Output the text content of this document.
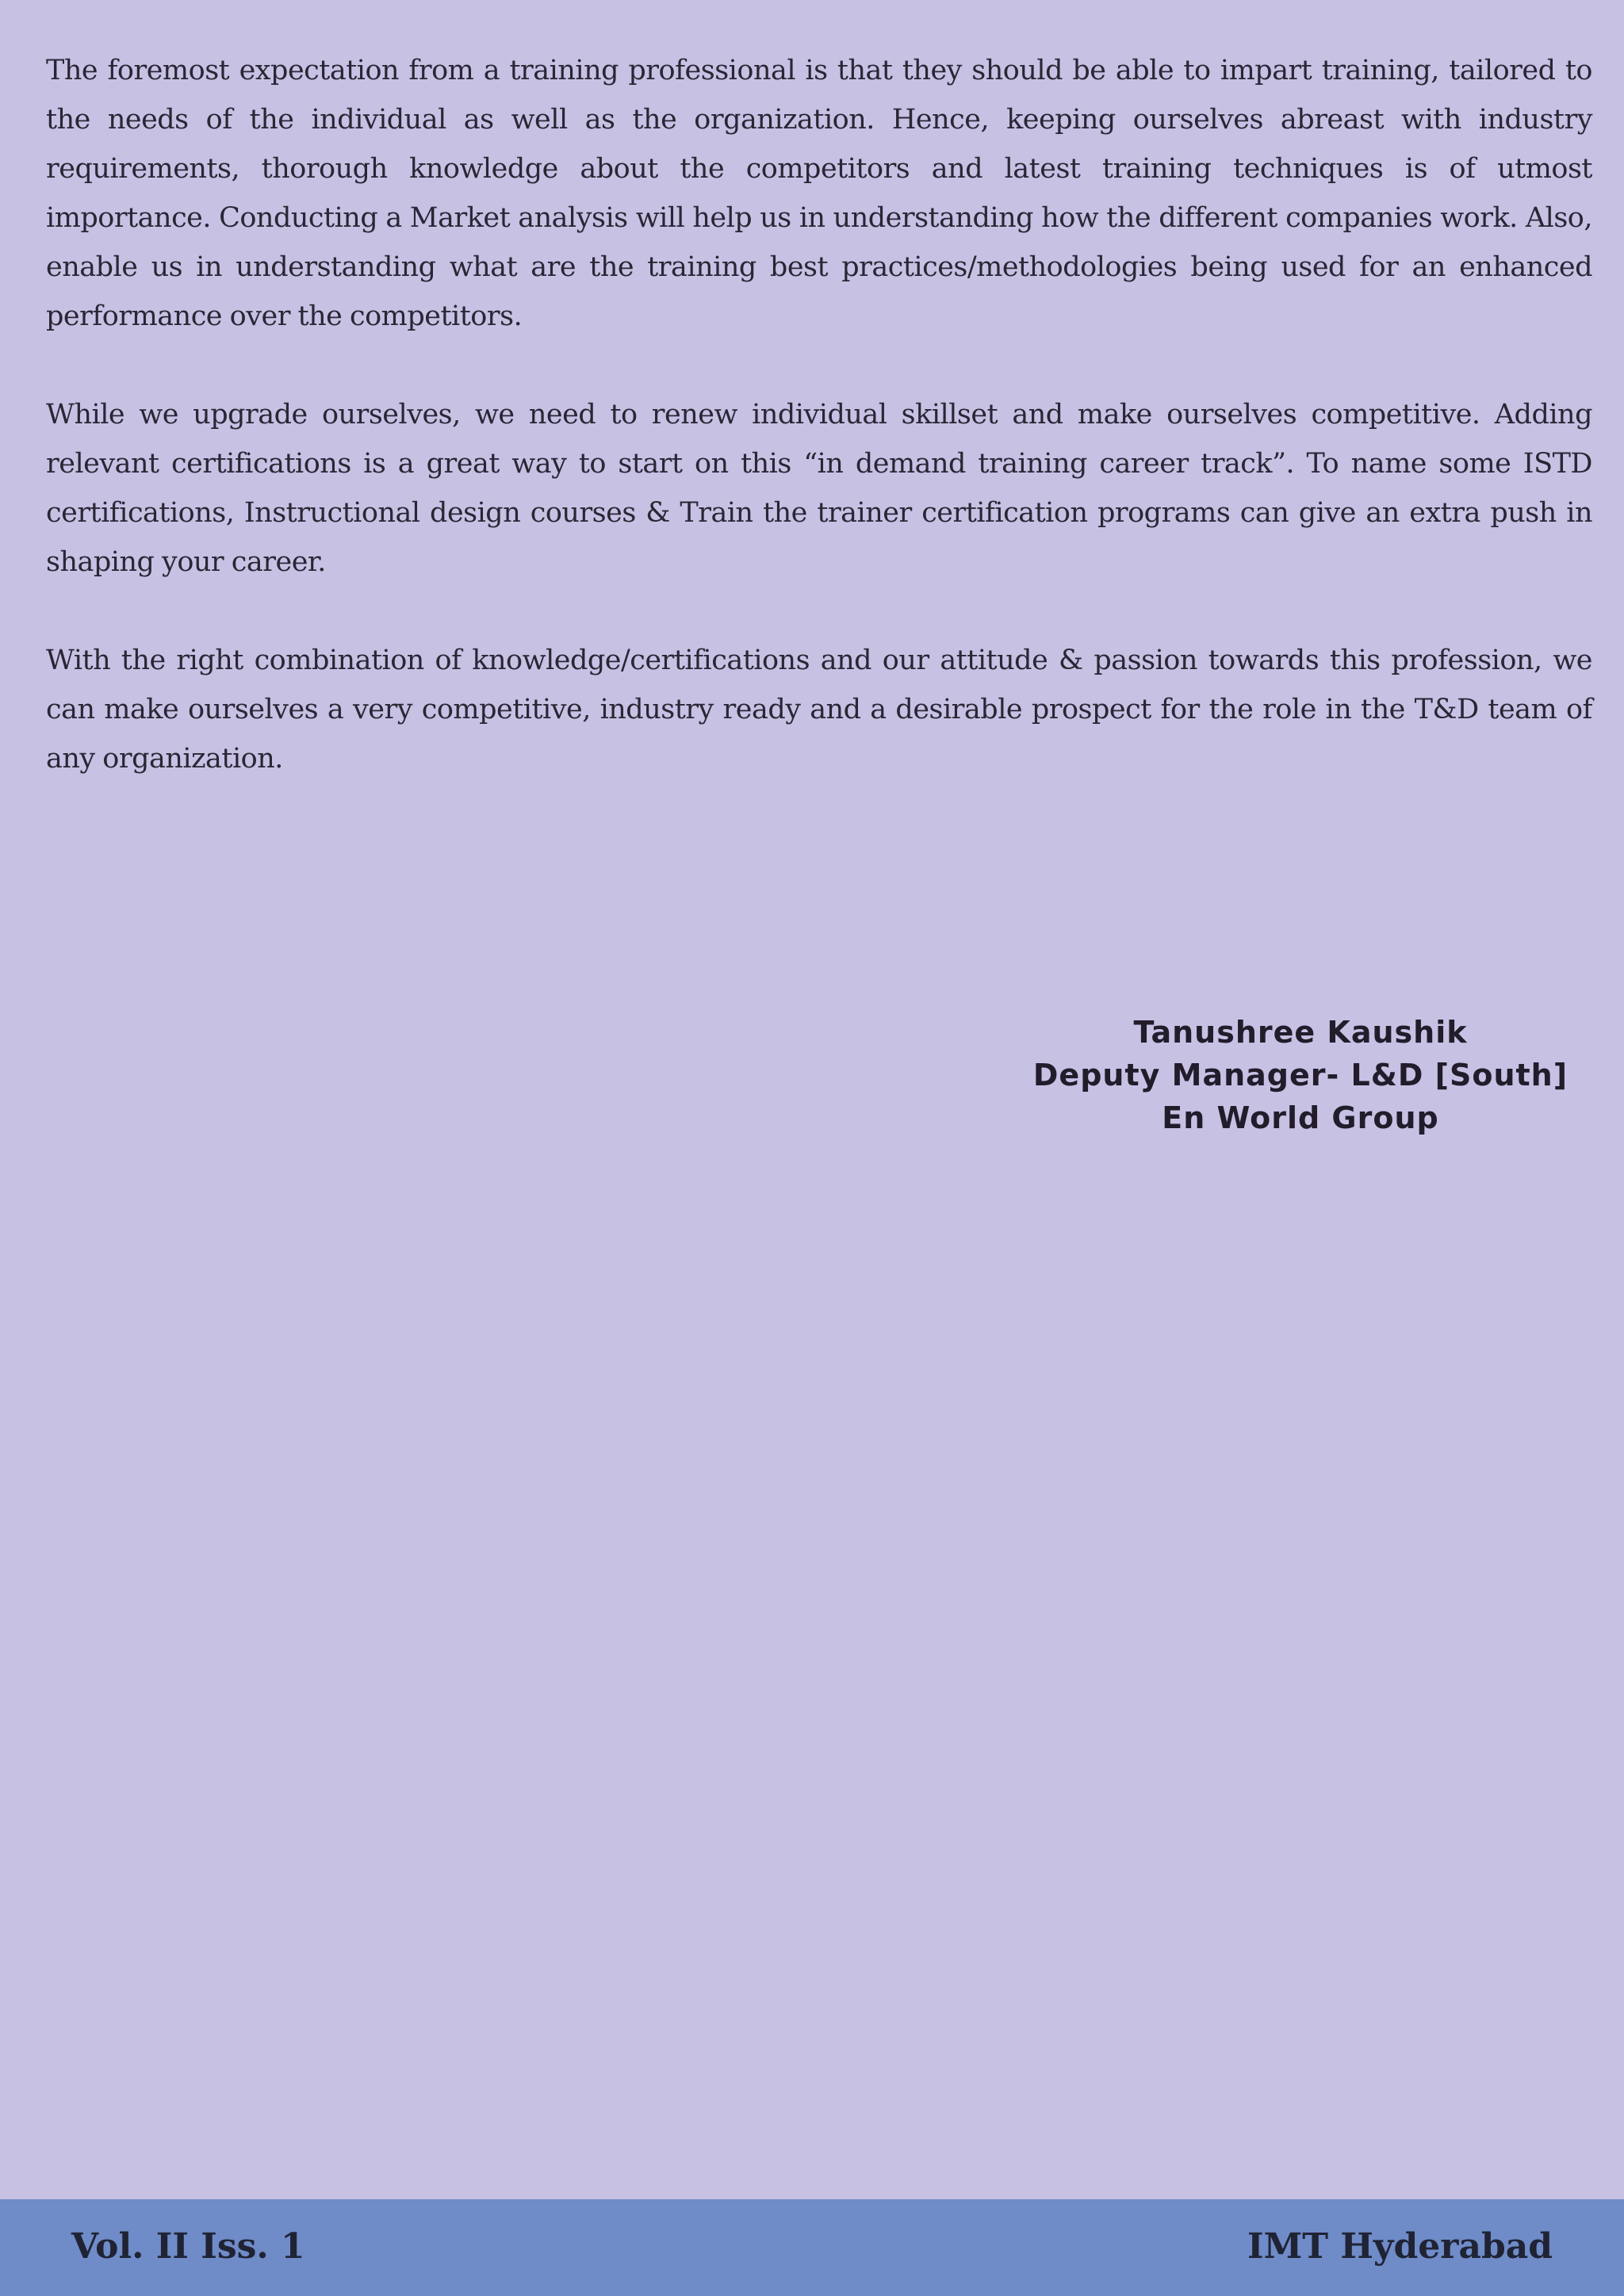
The foremost expectation from a training professional is that they should be able to impart training, tailored to the needs of the individual as well as the organization. Hence, keeping ourselves abreast with industry requirements, thorough knowledge about the competitors and latest training techniques is of utmost importance. Conducting a Market analysis will help us in understanding how the different companies work. Also, enable us in understanding what are the training best practices/methodologies being used for an enhanced performance over the competitors.

While we upgrade ourselves, we need to renew individual skillset and make ourselves competitive. Adding relevant certifications is a great way to start on this “in demand training career track”. To name some ISTD certifications, Instructional design courses & Train the trainer certification programs can give an extra push in shaping your career.

With the right combination of knowledge/certifications and our attitude & passion towards this profession, we can make ourselves a very competitive, industry ready and a desirable prospect for the role in the T&D team of any organization.

Tanushree Kaushik
Deputy Manager- L&D [South]
En World Group
Vol. II Iss. 1	IMT Hyderabad
